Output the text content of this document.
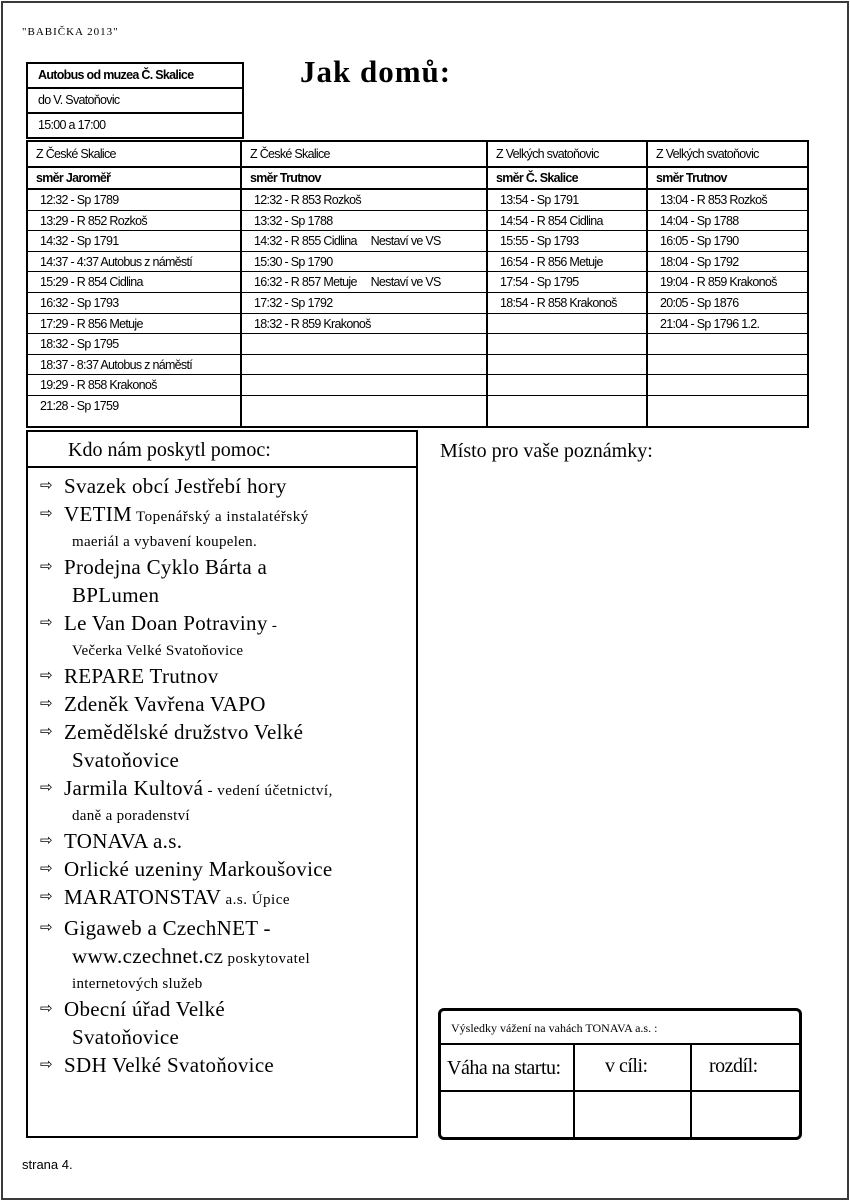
"BABIČKA 2013"
Jak domů:
Autobus od muzea Č. Skalice
do V. Svatoňovic
15:00 a 17:00
Z České Skalice
směr Jaroměř
12:32 - Sp 1789
13:29 - R 852 Rozkoš
14:32 - Sp 1791
14:37 - 4:37 Autobus z náměstí
15:29 - R 854 Cidlina
16:32 - Sp 1793
17:29 - R 856 Metuje
18:32 - Sp 1795
18:37 - 8:37 Autobus z náměstí
19:29 - R 858 Krakonoš
21:28 - Sp 1759
Z České Skalice
směr Trutnov
12:32 - R 853 Rozkoš
13:32 - Sp 1788
14:32 - R 855 Cidlina     Nestaví ve VS
15:30 - Sp 1790
16:32 - R 857 Metuje     Nestaví ve VS
17:32 - Sp 1792
18:32 - R 859 Krakonoš
Z Velkých svatoňovic
směr Č. Skalice
13:54 - Sp 1791
14:54 - R 854 Cidlina
15:55 - Sp 1793
16:54 - R 856 Metuje
17:54 - Sp 1795
18:54 - R 858 Krakonoš
Z Velkých svatoňovic
směr Trutnov
13:04 - R 853 Rozkoš
14:04 - Sp 1788
16:05 - Sp 1790
18:04 - Sp 1792
19:04 - R 859 Krakonoš
20:05 - Sp 1876
21:04 - Sp 1796 1.2.
Kdo nám poskytl pomoc:
⇨ Svazek obcí Jestřebí hory
⇨ VETIM Topenářský a instalatéřský
maeriál a vybavení koupelen.
⇨ Prodejna Cyklo Bárta a
BPLumen
⇨ Le Van Doan Potraviny -
Večerka Velké Svatoňovice
⇨ REPARE Trutnov
⇨ Zdeněk Vavřena VAPO
⇨ Zemědělské družstvo Velké
Svatoňovice
⇨ Jarmila Kultová - vedení účetnictví,
daně a poradenství
⇨ TONAVA a.s.
⇨ Orlické uzeniny Markoušovice
⇨ MARATONSTAV a.s. Úpice
⇨ Gigaweb a CzechNET -
www.czechnet.cz poskytovatel
internetových služeb
⇨ Obecní úřad Velké
Svatoňovice
⇨ SDH Velké Svatoňovice
Místo pro vaše poznámky:
Výsledky vážení na vahách TONAVA a.s. :
Váha na startu: v cíli:	rozdíl:
strana 4.
